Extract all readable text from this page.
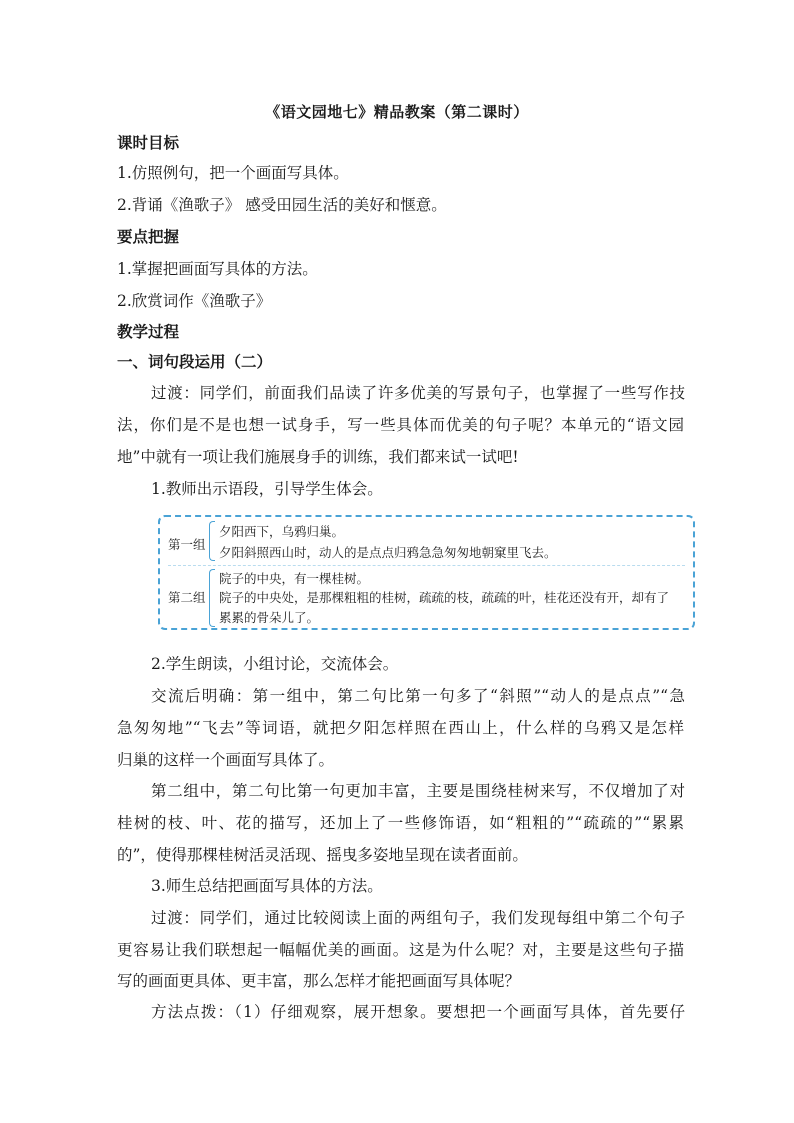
《语文园地七》精品教案（第二课时）
课时目标
1.仿照例句，把一个画面写具体。
2.背诵《渔歌子》 感受田园生活的美好和惬意。
要点把握
1.掌握把画面写具体的方法。
2.欣赏词作《渔歌子》
教学过程
一、词句段运用（二）
过渡：同学们，前面我们品读了许多优美的写景句子，也掌握了一些写作技
法，你们是不是也想一试身手，写一些具体而优美的句子呢？本单元的“语文园
地”中就有一项让我们施展身手的训练，我们都来试一试吧!
1.教师出示语段，引导学生体会。
第一组
夕阳西下，乌鸦归巢。
夕阳斜照西山时，动人的是点点归鸦急急匆匆地朝窠里飞去。
第二组
院子的中央，有一棵桂树。
院子的中央处，是那棵粗粗的桂树，疏疏的枝，疏疏的叶，桂花还没有开，却有了
累累的骨朵儿了。
2.学生朗读，小组讨论，交流体会。
交流后明确：第一组中，第二句比第一句多了“斜照”“动人的是点点”“急
急匆匆地”“飞去”等词语，就把夕阳怎样照在西山上，什么样的乌鸦又是怎样
归巢的这样一个画面写具体了。
第二组中，第二句比第一句更加丰富，主要是围绕桂树来写，不仅增加了对
桂树的枝、叶、花的描写，还加上了一些修饰语，如“粗粗的”“疏疏的”“累累
的”，使得那棵桂树活灵活现、摇曳多姿地呈现在读者面前。
3.师生总结把画面写具体的方法。
过渡：同学们，通过比较阅读上面的两组句子，我们发现每组中第二个句子
更容易让我们联想起一幅幅优美的画面。这是为什么呢？对，主要是这些句子描
写的画面更具体、更丰富，那么怎样才能把画面写具体呢？
方法点拨：（1）仔细观察，展开想象。要想把一个画面写具体，首先要仔
